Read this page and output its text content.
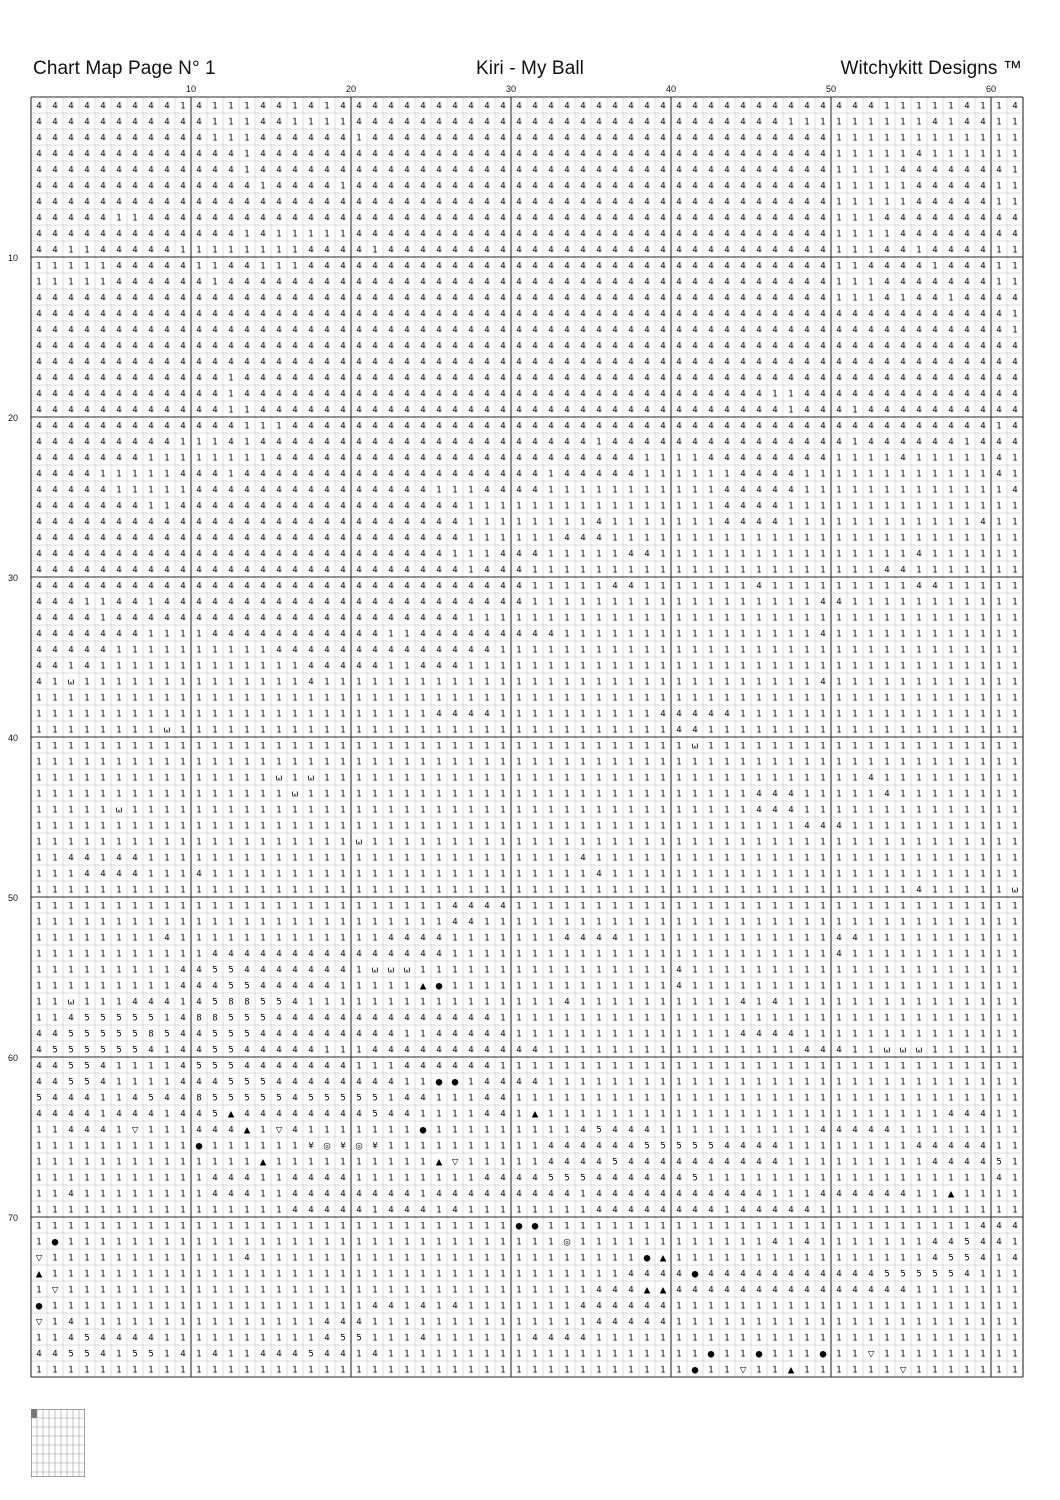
Chart Map Page N° 1	Kiri - My Ball	Witchykitt Designs ™
10	20	30	40	50	60
10
20
30
40
50
60
70
4 4 4 4 4 4 4 4 4 1 4 1 1 1 4 4 1 4 1 4 4 4 4 4 4 4 4 4 4 4 4 4 4 4 4 4 4 4 4 4 4 4 4 4 4 4 4 4 4 4 4 4 4 1 1 1 1 1 4 1 1 4
4 4 4 4 4 4 4 4 4 4 4 1 1 1 4 4 1 1 1 1 4 4 4 4 4 4 4 4 4 4 4 4 4 4 4 4 4 4 4 4 4 4 4 4 4 4 4 1 1 1 1 1 1 1 1 1 4 1 4 4 1 1
4 4 4 4 4 4 4 4 4 4 4 1 1 1 4 4 4 4 4 4 1 4 4 4 4 4 4 4 4 4 4 4 4 4 4 4 4 4 4 4 4 4 4 4 4 4 4 4 4 4 1 1 1 1 1 1 1 1 1 1 1 1
4 4 4 4 4 4 4 4 4 4 4 4 4 1 4 4 4 4 4 4 4 4 4 4 4 4 4 4 4 4 4 4 4 4 4 4 4 4 4 4 4 4 4 4 4 4 4 4 4 4 1 1 1 1 1 4 1 1 1 1 1 1
4 4 4 4 4 4 4 4 4 4 4 4 4 1 4 4 4 4 4 4 4 4 4 4 4 4 4 4 4 4 4 4 4 4 4 4 4 4 4 4 4 4 4 4 4 4 4 4 4 4 1 1 1 1 4 4 4 4 4 4 4 1
4 4 4 4 4 4 4 4 4 4 4 4 4 4 1 4 4 4 4 1 4 4 4 4 4 4 4 4 4 4 4 4 4 4 4 4 4 4 4 4 4 4 4 4 4 4 4 4 4 4 1 1 1 1 1 4 4 4 4 4 1 1
4 4 4 4 4 4 4 4 4 4 4 4 4 4 4 4 4 4 4 4 4 4 4 4 4 4 4 4 4 4 4 4 4 4 4 4 4 4 4 4 4 4 4 4 4 4 4 4 4 4 1 1 1 1 1 4 4 4 4 4 1 1
4 4 4 4 4 1 1 4 4 4 4 4 4 4 4 4 4 4 4 4 4 4 4 4 4 4 4 4 4 4 4 4 4 4 4 4 4 4 4 4 4 4 4 4 4 4 4 4 4 4 1 1 1 4 4 4 4 4 4 4 4 4
4 4 4 4 4 4 4 4 4 4 4 4 4 1 4 1 1 1 1 1 4 4 4 4 4 4 4 4 4 4 4 4 4 4 4 4 4 4 4 4 4 4 4 4 4 4 4 4 4 4 1 1 1 1 4 4 4 4 4 4 4 4
4 4 1 1 4 4 4 4 4 1 1 1 1 1 1 1 1 4 4 4 4 1 4 4 4 4 4 4 4 4 4 4 4 4 4 4 4 4 4 4 4 4 4 4 4 4 4 4 4 4 1 1 1 4 4 1 4 4 4 4 1 1
1 1 1 1 1 4 4 4 4 4 1 1 4 4 1 1 1 4 4 4 4 4 4 4 4 4 4 4 4 4 4 4 4 4 4 4 4 4 4 4 4 4 4 4 4 4 4 4 4 4 1 1 4 4 4 4 1 4 4 4 1 1
1 1 1 1 1 4 4 4 4 4 4 1 4 4 4 4 4 4 4 4 4 4 4 4 4 4 4 4 4 4 4 4 4 4 4 4 4 4 4 4 4 4 4 4 4 4 4 4 4 4 1 1 1 4 4 4 4 4 4 4 1 1
4 4 4 4 4 4 4 4 4 4 4 4 4 4 4 4 4 4 4 4 4 4 4 4 4 4 4 4 4 4 4 4 4 4 4 4 4 4 4 4 4 4 4 4 4 4 4 4 4 4 1 1 1 4 1 4 4 1 4 4 4 4
4 4 4 4 4 4 4 4 4 4 4 4 4 4 4 4 4 4 4 4 4 4 4 4 4 4 4 4 4 4 4 4 4 4 4 4 4 4 4 4 4 4 4 4 4 4 4 4 4 4 4 4 4 4 4 4 4 4 4 4 4 1
4 4 4 4 4 4 4 4 4 4 4 4 4 4 4 4 4 4 4 4 4 4 4 4 4 4 4 4 4 4 4 4 4 4 4 4 4 4 4 4 4 4 4 4 4 4 4 4 4 4 4 4 4 4 4 4 4 4 4 4 4 1
4 4 4 4 4 4 4 4 4 4 4 4 4 4 4 4 4 4 4 4 4 4 4 4 4 4 4 4 4 4 4 4 4 4 4 4 4 4 4 4 4 4 4 4 4 4 4 4 4 4 4 4 4 4 4 4 4 4 4 4 4 4
4 4 4 4 4 4 4 4 4 4 4 4 4 4 4 4 4 4 4 4 4 4 4 4 4 4 4 4 4 4 4 4 4 4 4 4 4 4 4 4 4 4 4 4 4 4 4 4 4 4 4 4 4 4 4 4 4 4 4 4 4 4
4 4 4 4 4 4 4 4 4 4 4 4 1 4 4 4 4 4 4 4 4 4 4 4 4 4 4 4 4 4 4 4 4 4 4 4 4 4 4 4 4 4 4 4 4 4 4 4 4 4 4 4 4 4 4 4 4 4 4 4 4 4
4 4 4 4 4 4 4 4 4 4 4 4 1 4 4 4 4 4 4 4 4 4 4 4 4 4 4 4 4 4 4 4 4 4 4 4 4 4 4 4 4 4 4 4 4 4 1 1 4 4 4 4 4 4 4 4 4 4 4 4 4 4
4 4 4 4 4 4 4 4 4 4 4 4 1 1 4 4 4 4 4 4 4 4 4 4 4 4 4 4 4 4 4 4 4 4 4 4 4 4 4 4 4 4 4 4 4 4 4 1 4 4 4 1 4 4 4 4 4 4 4 4 4 4
4 4 4 4 4 4 4 4 4 4 4 4 4 1 1 1 4 4 4 4 4 4 4 4 4 4 4 4 4 4 4 4 4 4 4 4 4 4 4 4 4 4 4 4 4 4 4 4 4 4 4 4 4 4 4 4 4 4 4 4 1 4
4 4 4 4 4 4 4 4 4 1 1 1 4 1 4 4 4 4 4 4 4 4 4 4 4 4 4 4 4 4 4 4 4 4 4 1 4 4 4 4 4 4 4 4 4 4 4 4 4 4 4 1 4 4 4 4 4 4 1 4 4 4
4 4 4 4 4 4 4 1 1 1 1 1 1 1 1 4 4 4 4 4 4 4 4 4 4 4 4 4 4 4 4 4 4 4 4 4 4 4 1 1 1 1 4 4 4 4 4 4 4 4 1 1 1 1 4 1 1 1 1 1 4 1
4 4 4 4 1 1 1 1 1 4 4 4 1 4 4 4 4 4 4 4 4 4 4 4 4 4 4 4 4 4 4 4 1 4 4 4 4 4 1 1 1 1 1 1 4 4 4 4 1 1 1 1 1 1 1 1 1 1 1 1 4 1
4 4 4 4 4 1 1 1 1 1 4 4 4 4 4 4 4 4 4 4 4 4 4 4 4 1 1 1 4 4 4 4 1 1 1 1 1 1 1 1 1 1 1 4 4 4 4 4 1 1 1 1 1 1 1 1 1 1 1 1 1 4
4 4 4 4 4 4 4 1 1 4 4 4 4 4 4 4 4 4 4 4 4 4 4 4 4 4 4 1 1 1 1 1 1 1 1 1 1 1 1 1 1 1 1 4 4 4 4 1 1 1 1 1 1 1 1 1 1 1 1 1 1 1
4 4 4 4 4 4 4 4 4 4 4 4 4 4 4 4 4 4 4 4 4 4 4 4 4 4 4 1 1 1 1 1 1 1 1 4 1 1 1 1 1 1 1 4 4 4 4 1 1 1 1 1 1 1 1 1 1 1 1 4 1 1
4 4 4 4 4 4 4 4 4 4 4 4 4 4 4 4 4 4 4 4 4 4 4 4 4 4 4 1 1 1 1 1 1 4 4 4 1 1 1 1 1 1 1 1 1 1 1 1 1 1 1 1 1 1 1 1 1 1 1 1 1 1
4 4 4 4 4 4 4 4 4 4 4 4 4 4 4 4 4 4 4 4 4 4 4 4 4 4 1 1 1 4 4 4 1 1 1 1 1 4 4 1 1 1 1 1 1 1 1 1 1 1 1 1 1 1 1 4 1 1 1 1 1 1
4 4 4 4 4 4 4 4 4 4 4 4 4 4 4 4 4 4 4 4 4 4 4 4 4 4 4 1 4 4 4 1 1 1 1 1 1 1 1 1 1 1 1 1 1 1 1 1 1 1 1 1 1 4 4 1 1 1 1 1 1 1
4 4 4 4 4 4 4 4 4 4 4 4 4 4 4 4 4 4 4 4 4 4 4 4 4 4 4 4 4 4 4 1 1 1 1 1 4 4 1 1 1 1 1 1 1 4 1 1 1 1 1 1 1 1 1 4 4 1 1 1 1 1
4 4 4 1 1 4 4 1 4 4 4 4 4 4 4 4 4 4 4 4 4 4 4 4 4 4 4 4 4 4 4 1 1 1 1 1 1 1 1 1 1 1 1 1 1 1 1 1 1 4 4 1 1 1 1 1 1 1 1 1 1 1
4 4 4 4 1 4 4 4 4 4 4 4 4 4 4 4 4 4 4 4 4 4 4 4 4 4 4 1 1 1 1 1 1 1 1 1 1 1 1 1 1 1 1 1 1 1 1 1 1 1 1 1 1 1 1 1 1 1 1 1 1 1
4 4 4 4 4 4 4 1 1 1 1 4 4 4 4 4 4 4 4 4 4 4 1 1 4 4 4 4 4 4 4 4 4 1 1 1 1 1 1 1 1 1 1 1 1 1 1 1 1 4 1 1 1 1 1 1 1 1 1 1 1 1
4 4 4 4 4 1 1 1 1 1 1 1 1 1 1 4 4 4 4 4 4 4 4 4 4 4 4 4 4 1 1 1 1 1 1 1 1 1 1 1 1 1 1 1 1 1 1 1 1 1 1 1 1 1 1 1 1 1 1 1 1 1
4 4 1 4 1 1 1 1 1 1 1 1 1 1 1 1 1 4 4 4 4 4 1 1 4 4 4 1 1 1 1 1 1 1 1 1 1 1 1 1 1 1 1 1 1 1 1 1 1 1 1 1 1 1 1 1 1 1 1 1 1 1
4 1 ω 1 1 1 1 1 1 1 1 1 1 1 1 1 1 4 1 1 1 1 1 1 1 1 1 1 1 1 1 1 1 1 1 1 1 1 1 1 1 1 1 1 1 1 1 1 1 4 1 1 1 1 1 1 1 1 1 1 1 1
1 1 1 1 1 1 1 1 1 1 1 1 1 1 1 1 1 1 1 1 1 1 1 1 1 1 1 1 1 1 1 1 1 1 1 1 1 1 1 1 1 1 1 1 1 1 1 1 1 1 1 1 1 1 1 1 1 1 1 1 1 1
1 1 1 1 1 1 1 1 1 1 1 1 1 1 1 1 1 1 1 1 1 1 1 1 1 4 4 4 4 1 1 1 1 1 1 1 1 1 1 4 4 4 4 4 1 1 1 1 1 1 1 1 1 1 1 1 1 1 1 1 1 1
1 1 1 1 1 1 1 1 ω 1 1 1 1 1 1 1 1 1 1 1 1 1 1 1 1 1 1 1 1 1 1 1 1 1 1 1 1 1 1 1 4 4 1 1 1 1 1 1 1 1 1 1 1 1 1 1 1 1 1 1 1 1
1 1 1 1 1 1 1 1 1 1 1 1 1 1 1 1 1 1 1 1 1 1 1 1 1 1 1 1 1 1 1 1 1 1 1 1 1 1 1 1 1 ω 1 1 1 1 1 1 1 1 1 1 1 1 1 1 1 1 1 1 1 1
1 1 1 1 1 1 1 1 1 1 1 1 1 1 1 1 1 1 1 1 1 1 1 1 1 1 1 1 1 1 1 1 1 1 1 1 1 1 1 1 1 1 1 1 1 1 1 1 1 1 1 1 1 1 1 1 1 1 1 1 1 1
1 1 1 1 1 1 1 1 1 1 1 1 1 1 1 ω 1 ω 1 1 1 1 1 1 1 1 1 1 1 1 1 1 1 1 1 1 1 1 1 1 1 1 1 1 1 1 1 1 1 1 1 1 4 1 1 1 1 1 1 1 1 1
1 1 1 1 1 1 1 1 1 1 1 1 1 1 1 1 ω 1 1 1 1 1 1 1 1 1 1 1 1 1 1 1 1 1 1 1 1 1 1 1 1 1 1 1 1 4 4 4 1 1 1 1 1 4 1 1 1 1 1 1 1 1
1 1 1 1 1 ω 1 1 1 1 1 1 1 1 1 1 1 1 1 1 1 1 1 1 1 1 1 1 1 1 1 1 1 1 1 1 1 1 1 1 1 1 1 1 1 4 4 4 1 1 1 1 1 1 1 1 1 1 1 1 1 1
1 1 1 1 1 1 1 1 1 1 1 1 1 1 1 1 1 1 1 1 1 1 1 1 1 1 1 1 1 1 1 1 1 1 1 1 1 1 1 1 1 1 1 1 1 1 1 1 4 4 4 1 1 1 1 1 1 1 1 1 1 1
1 1 1 1 1 1 1 1 1 1 1 1 1 1 1 1 1 1 1 1 ω 1 1 1 1 1 1 1 1 1 1 1 1 1 1 1 1 1 1 1 1 1 1 1 1 1 1 1 1 1 1 1 1 1 1 1 1 1 1 1 1 1
1 1 4 4 1 4 4 1 1 1 1 1 1 1 1 1 1 1 1 1 1 1 1 1 1 1 1 1 1 1 1 1 1 1 4 1 1 1 1 1 1 1 1 1 1 1 1 1 1 1 1 1 1 1 1 1 1 1 1 1 1 1
1 1 1 4 4 4 4 1 1 1 4 1 1 1 1 1 1 1 1 1 1 1 1 1 1 1 1 1 1 1 1 1 1 1 1 4 1 1 1 1 1 1 1 1 1 1 1 1 1 1 1 1 1 1 1 1 1 1 1 1 1 1
1 1 1 1 1 1 1 1 1 1 1 1 1 1 1 1 1 1 1 1 1 1 1 1 1 1 1 1 1 1 1 1 1 1 1 1 1 1 1 1 1 1 1 1 1 1 1 1 1 1 1 1 1 1 1 4 1 1 1 1 1 ω
1 1 1 1 1 1 1 1 1 1 1 1 1 1 1 1 1 1 1 1 1 1 1 1 1 1 4 4 4 4 1 1 1 1 1 1 1 1 1 1 1 1 1 1 1 1 1 1 1 1 1 1 1 1 1 1 1 1 1 1 1 1
1 1 1 1 1 1 1 1 1 1 1 1 1 1 1 1 1 1 1 1 1 1 1 1 1 1 4 4 1 1 1 1 1 1 1 1 1 1 1 1 1 1 1 1 1 1 1 1 1 1 1 1 1 1 1 1 1 1 1 1 1 1
1 1 1 1 1 1 1 1 4 1 1 1 1 1 1 1 1 1 1 1 1 1 4 4 4 4 1 1 1 1 1 1 1 4 4 4 4 1 1 1 1 1 1 1 1 1 1 1 1 1 4 4 1 1 1 1 1 1 1 1 1 1
1 1 1 1 1 1 1 1 1 1 1 4 4 4 4 4 4 4 4 4 4 4 4 4 4 4 1 1 1 1 1 1 1 1 1 1 1 1 1 1 1 1 1 1 1 1 1 1 1 1 4 1 1 1 1 1 1 1 1 1 1 1
1 1 1 1 1 1 1 1 1 4 4 5 5 4 4 4 4 4 4 4 1 ω ω ω 1 1 1 1 1 1 1 1 1 1 1 1 1 1 1 1 4 1 1 1 1 1 1 1 1 1 1 1 1 1 1 1 1 1 1 1 1 1
1 1 1 1 1 1 1 1 1 4 4 4 5 5 4 4 4 4 4 1 1 1 1 1 ▲ ● 1 1 1 1 1 1 1 1 1 1 1 1 1 1 4 1 1 1 1 1 1 1 1 1 1 1 1 1 1 1 1 1 1 1 1 1
1 1 ω 1 1 1 4 4 4 1 4 5 8 8 5 5 4 1 1 1 1 1 1 1 1 1 1 1 1 1 1 1 1 4 1 1 1 1 1 1 1 1 1 1 4 1 4 1 1 1 1 1 1 1 1 1 1 1 1 1 1 1
1 1 4 5 5 5 5 5 1 4 8 8 5 5 5 4 4 4 4 4 4 4 4 4 4 4 4 4 4 1 1 1 1 1 1 1 1 1 1 1 1 1 1 1 1 1 1 1 1 1 1 1 1 1 1 1 1 1 1 1 1 1
4 4 5 5 5 5 5 8 5 4 4 5 5 5 4 4 4 4 4 4 4 4 4 1 1 4 4 4 4 4 1 1 1 1 1 1 1 1 1 1 1 1 1 1 4 4 4 4 1 1 1 1 1 1 1 1 1 1 1 1 1 1
4 5 5 5 5 5 5 4 1 4 4 5 5 4 4 4 4 4 1 1 1 4 4 4 4 4 4 4 4 4 4 4 1 1 1 1 1 1 1 1 1 1 1 1 1 1 1 1 4 4 4 1 1 ω ω ω 1 1 1 1 1 1
4 4 5 5 4 1 1 1 1 4 5 5 5 4 4 4 4 4 4 4 1 1 1 4 4 4 4 4 4 1 1 1 1 1 1 1 1 1 1 1 1 1 1 1 1 1 1 1 1 1 1 1 1 1 1 1 1 1 1 1 1 1
4 4 5 5 4 1 1 1 1 4 4 4 5 5 5 4 4 4 4 4 4 4 4 1 1 ● ● 1 4 4 4 4 1 1 1 1 1 1 1 1 1 1 1 1 1 1 1 1 1 1 1 1 1 1 1 1 1 1 1 1 1 1
5 4 4 4 1 1 4 5 4 4 8 5 5 5 5 5 4 5 5 5 5 5 1 4 4 1 1 1 4 4 1 1 1 1 1 1 1 1 1 1 1 1 1 1 1 1 1 1 1 1 1 1 1 1 1 1 1 1 1 1 1 1
4 4 4 4 1 4 4 4 1 4 4 5 ▲ 4 4 4 4 4 4 4 4 5 4 4 1 1 1 1 4 4 1 ▲ 1 1 1 1 1 1 1 1 1 1 1 1 1 1 1 1 1 1 1 1 1 1 1 1 1 4 4 4 1 1
1 1 4 4 4 1 ▽ 1 1 1 4 4 4 ▲ 1 ▽ 4 1 1 1 1 1 1 1 ● 1 1 1 1 1 1 1 1 1 4 5 4 4 4 1 1 1 1 1 1 1 1 1 1 4 4 4 4 4 1 1 1 1 1 1 1 1
1 1 1 1 1 1 1 1 1 1 ● 1 1 1 1 1 1 ¥ ◎ ¥ ◎ ¥ 1 1 1 1 1 1 1 1 1 1 4 4 4 4 4 4 5 5 5 5 5 4 4 4 4 1 1 1 1 1 1 1 1 4 4 4 4 4 1 1
1 1 1 1 1 1 1 1 1 1 1 1 1 1 ▲ 1 1 1 1 1 1 1 1 1 1 ▲ ▽ 1 1 1 1 1 4 4 4 4 5 4 4 4 4 4 4 4 4 4 4 1 1 1 1 1 1 1 1 1 4 4 4 4 5 1
1 1 1 1 1 1 1 1 1 1 1 4 4 4 1 1 4 4 4 4 1 1 1 1 1 1 1 1 4 4 4 4 5 5 5 4 4 4 4 4 4 5 1 1 1 1 1 1 1 1 1 1 1 1 1 1 1 1 1 1 4 1
1 1 4 1 1 1 1 1 1 1 1 4 4 4 1 1 4 4 4 4 4 4 4 4 1 4 4 4 4 4 4 4 4 4 1 4 4 4 4 4 4 4 4 4 4 4 1 1 1 4 4 4 4 4 4 1 1 ▲ 1 1 1 1
1 1 1 1 1 1 1 1 1 1 1 1 1 1 1 1 4 4 4 4 4 1 4 4 4 1 4 1 1 1 1 1 1 1 1 4 4 4 4 4 4 4 4 1 4 4 4 4 4 1 1 1 1 1 1 1 1 1 1 1 1 1
1 1 1 1 1 1 1 1 1 1 1 1 1 1 1 1 1 1 1 1 1 1 1 1 1 1 1 1 1 1 ● ● 1 1 1 1 1 1 1 1 1 1 1 1 1 1 1 1 1 1 1 1 1 1 1 1 1 1 1 4 4 4
1 ● 1 1 1 1 1 1 1 1 1 1 1 1 1 1 1 1 1 1 1 1 1 1 1 1 1 1 1 1 1 1 1 ◎ 1 1 1 1 1 1 1 1 1 1 1 1 4 1 4 1 1 1 1 1 1 1 4 4 5 4 4 1
▽ 1 1 1 1 1 1 1 1 1 1 1 1 4 1 1 1 1 1 1 1 1 1 1 1 1 1 1 1 1 1 1 1 1 1 1 1 1 ● ▲ 1 1 1 1 1 1 1 1 1 1 1 1 1 1 1 1 4 5 5 4 1 4
▲ 1 1 1 1 1 1 1 1 1 1 1 1 1 1 1 1 1 1 1 1 1 1 1 1 1 1 1 1 1 1 1 1 1 1 1 1 4 4 4 4 ● 4 4 4 4 4 4 4 4 4 4 4 5 5 5 5 5 4 1 1 1
1 ▽ 1 1 1 1 1 1 1 1 1 1 1 1 1 1 1 1 1 1 1 1 1 1 1 1 1 1 1 1 1 1 1 1 1 4 4 4 ▲ ▲ 4 4 4 4 4 4 4 4 4 4 4 4 4 4 4 1 1 1 1 1 1 1
● 1 1 1 1 1 1 1 1 1 1 1 1 1 1 1 1 1 1 1 1 4 4 1 4 1 4 1 1 1 1 1 1 1 4 4 4 4 4 4 1 1 1 1 1 1 1 1 1 1 1 1 1 1 1 1 1 1 1 1 1 1
▽ 1 4 1 1 1 1 1 1 1 1 1 1 1 1 1 1 1 4 4 4 1 1 1 1 1 1 1 1 1 1 1 1 1 1 4 4 4 4 4 1 1 1 1 1 1 1 1 1 1 1 1 1 1 1 1 1 1 1 1 1 1
1 1 4 5 4 4 4 4 1 1 1 1 1 1 1 1 1 1 4 5 5 1 1 1 4 1 1 1 1 1 1 4 4 4 4 1 1 1 1 1 1 1 1 1 1 1 1 1 1 1 1 1 1 1 1 1 1 1 1 1 1 1
4 4 5 5 4 1 5 5 1 4 1 4 1 1 4 4 4 5 4 4 1 4 1 1 1 1 1 1 1 1 1 1 1 1 1 1 1 1 1 1 1 1 ● 1 1 ● 1 1 1 ● 1 1 ▽ 1 1 1 1 1 1 1 1 1
1 1 1 1 1 1 1 1 1 1 1 1 1 1 1 1 1 1 1 1 1 1 1 1 1 1 1 1 1 1 1 1 1 1 1 1 1 1 1 1 1 ● 1 1 ▽ 1 1 ▲ 1 1 1 1 1 1 ▽ 1 1 1 1 1 1 1
